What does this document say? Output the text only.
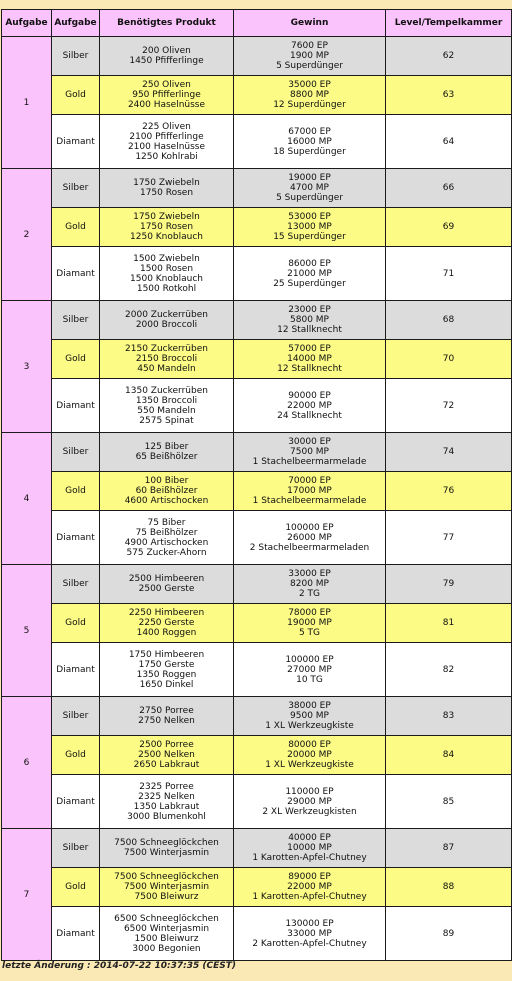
Aufgabe	Aufgabe	Benötigtes Produkt	Gewinn	Level/Tempelkammer
1	Silber	200 Oliven
1450 Pfifferlinge	7600 EP
1900 MP
5 Superdünger	62
	Gold	250 Oliven
950 Pfifferlinge
2400 Haselnüsse	35000 EP
8800 MP
12 Superdünger	63
	Diamant	225 Oliven
2100 Pfifferlinge
2100 Haselnüsse
1250 Kohlrabi	67000 EP
16000 MP
18 Superdünger	64
2	Silber	1750 Zwiebeln
1750 Rosen	19000 EP
4700 MP
5 Superdünger	66
	Gold	1750 Zwiebeln
1750 Rosen
1250 Knoblauch	53000 EP
13000 MP
15 Superdünger	69
	Diamant	1500 Zwiebeln
1500 Rosen
1500 Knoblauch
1500 Rotkohl	86000 EP
21000 MP
25 Superdünger	71
3	Silber	2000 Zuckerrüben
2000 Broccoli	23000 EP
5800 MP
12 Stallknecht	68
	Gold	2150 Zuckerrüben
2150 Broccoli
450 Mandeln	57000 EP
14000 MP
12 Stallknecht	70
	Diamant	1350 Zuckerrüben
1350 Broccoli
550 Mandeln
2575 Spinat	90000 EP
22000 MP
24 Stallknecht	72
4	Silber	125 Biber
65 Beißhölzer	30000 EP
7500 MP
1 Stachelbeermarmelade	74
	Gold	100 Biber
60 Beißhölzer
4600 Artischocken	70000 EP
17000 MP
1 Stachelbeermarmelade	76
	Diamant	75 Biber
75 Beißhölzer
4900 Artischocken
575 Zucker-Ahorn	100000 EP
26000 MP
2 Stachelbeermarmeladen	77
5	Silber	2500 Himbeeren
2500 Gerste	33000 EP
8200 MP
2 TG	79
	Gold	2250 Himbeeren
2250 Gerste
1400 Roggen	78000 EP
19000 MP
5 TG	81
	Diamant	1750 Himbeeren
1750 Gerste
1350 Roggen
1650 Dinkel	100000 EP
27000 MP
10 TG	82
6	Silber	2750 Porree
2750 Nelken	38000 EP
9500 MP
1 XL Werkzeugkiste	83
	Gold	2500 Porree
2500 Nelken
2650 Labkraut	80000 EP
20000 MP
1 XL Werkzeugkiste	84
	Diamant	2325 Porree
2325 Nelken
1350 Labkraut
3000 Blumenkohl	110000 EP
29000 MP
2 XL Werkzeugkisten	85
7	Silber	7500 Schneeglöckchen
7500 Winterjasmin	40000 EP
10000 MP
1 Karotten-Apfel-Chutney	87
	Gold	7500 Schneeglöckchen
7500 Winterjasmin
7500 Bleiwurz	89000 EP
22000 MP
1 Karotten-Apfel-Chutney	88
	Diamant	6500 Schneeglöckchen
6500 Winterjasmin
1500 Bleiwurz
3000 Begonien	130000 EP
33000 MP
2 Karotten-Apfel-Chutney	89
letzte Änderung : 2014-07-22 10:37:35 (CEST)
